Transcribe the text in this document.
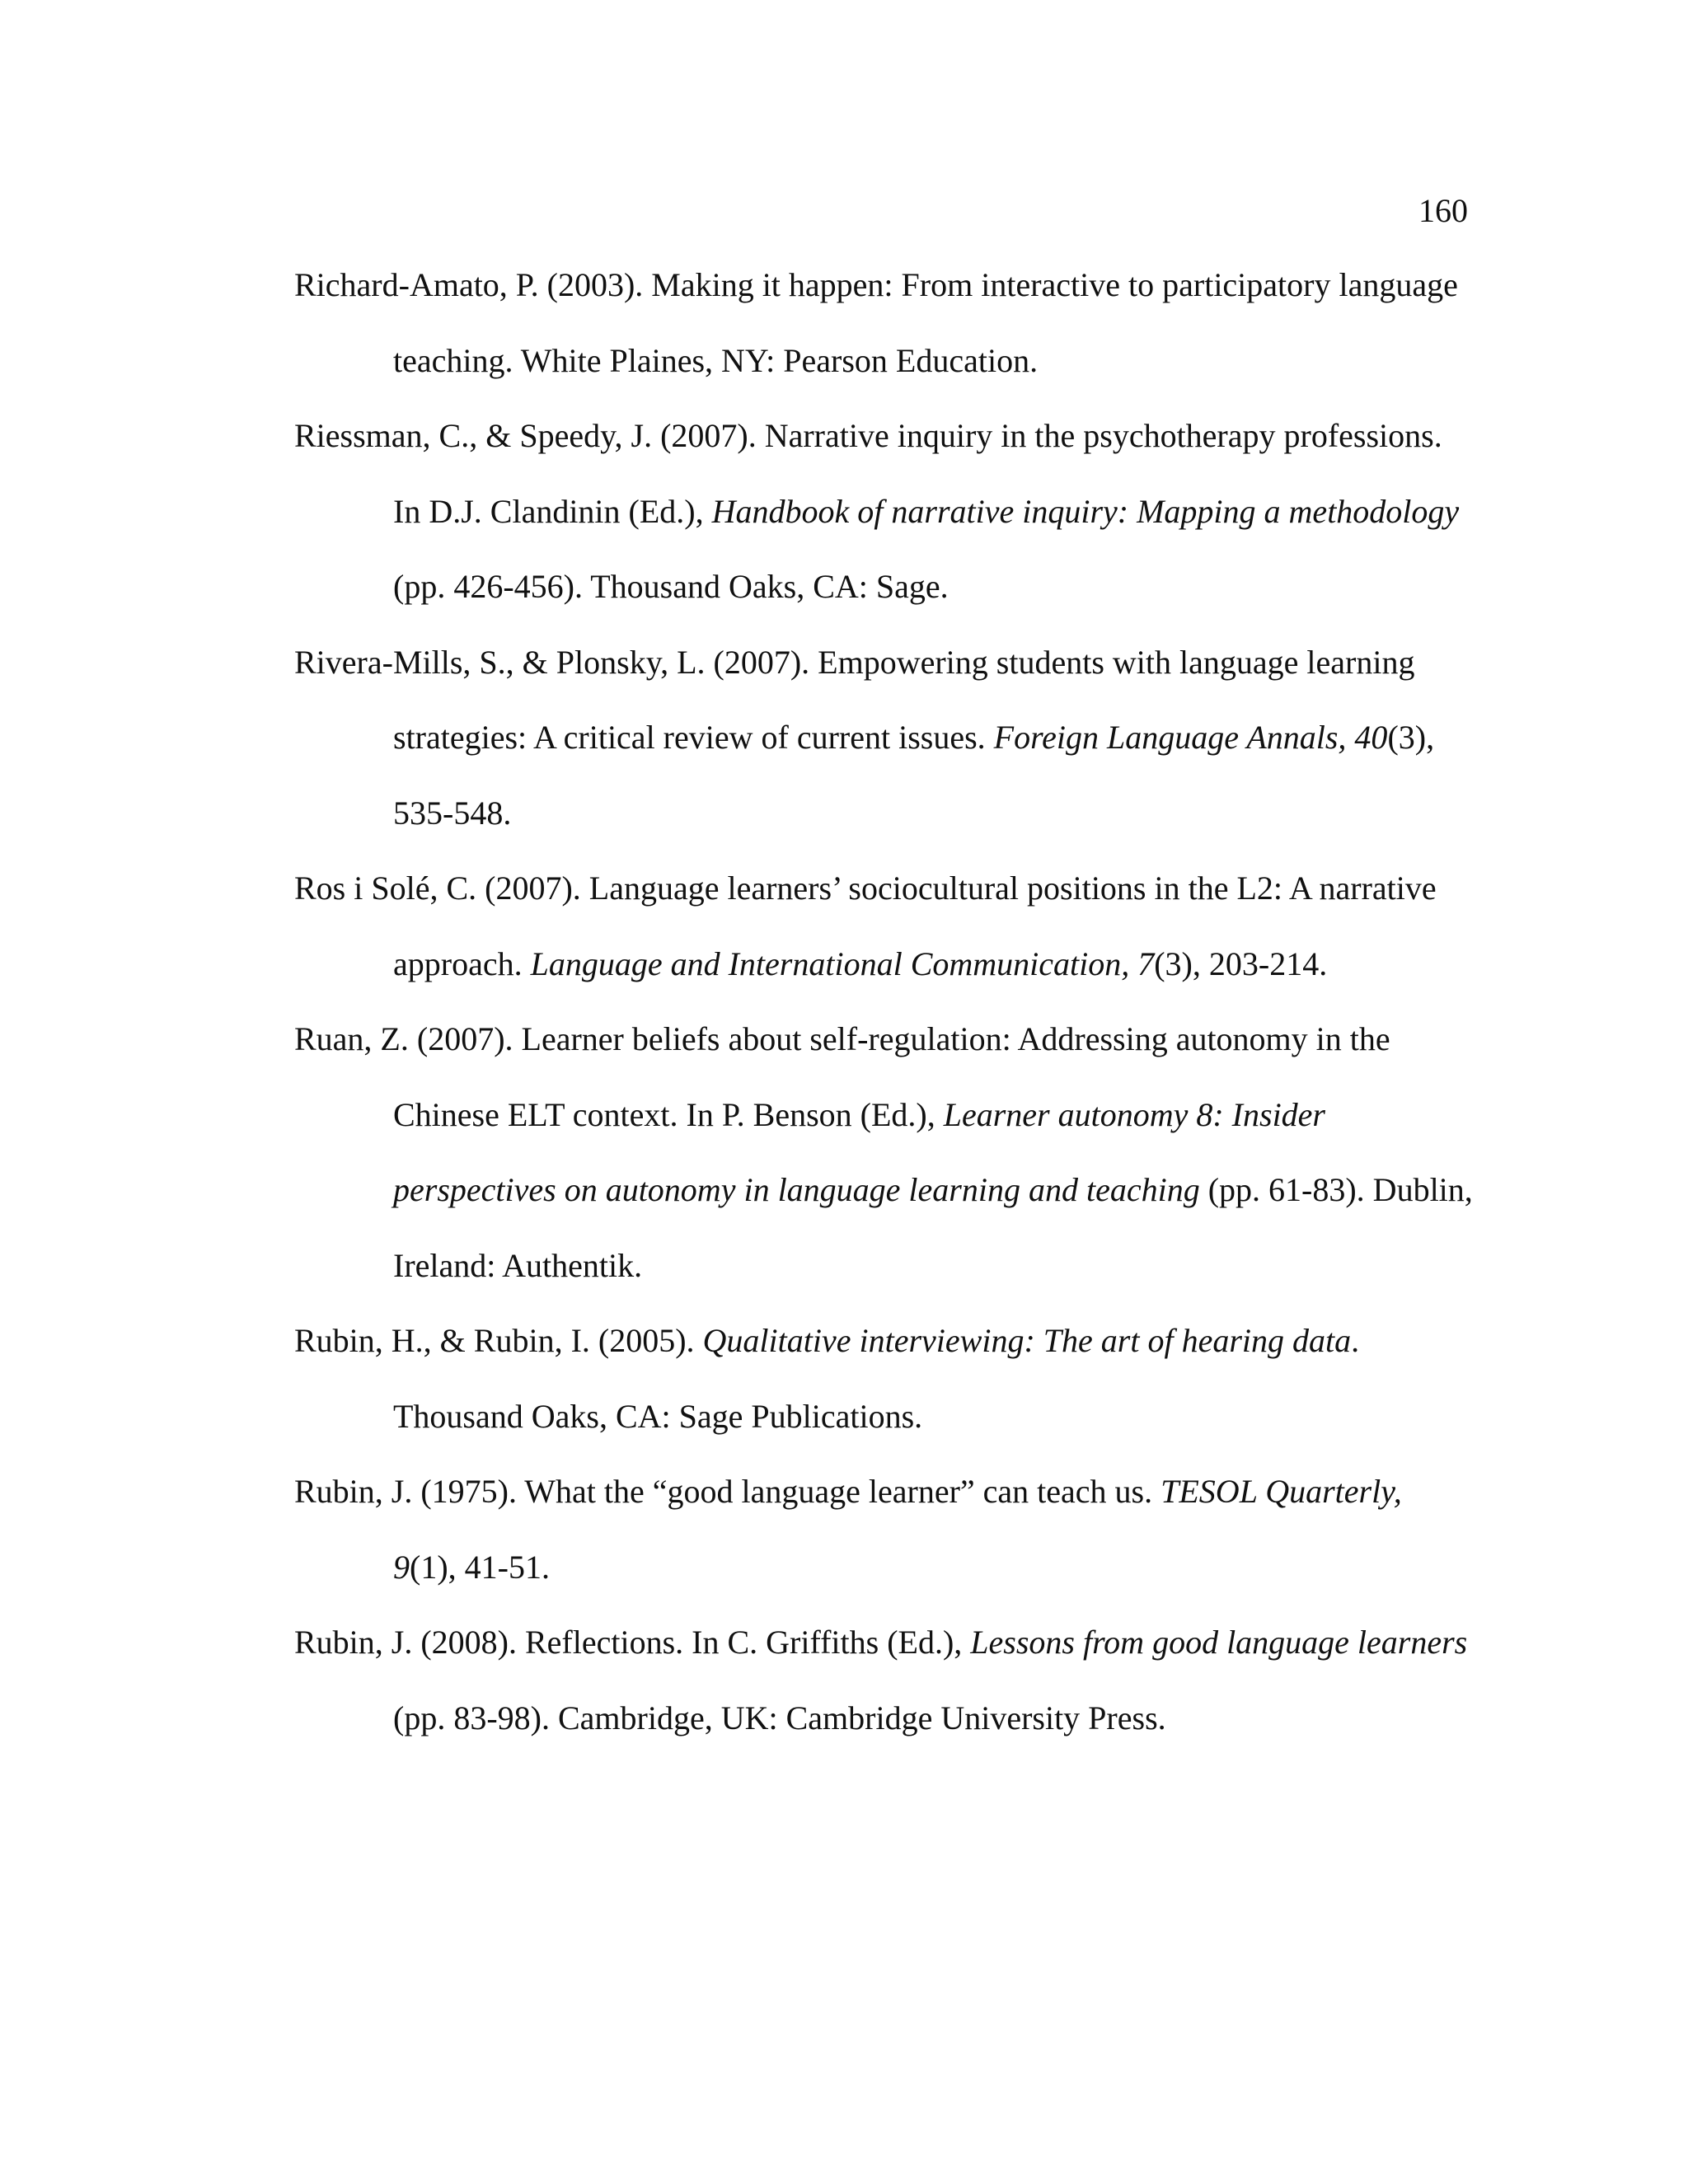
160

Richard-Amato, P. (2003). Making it happen: From interactive to participatory language teaching. White Plaines, NY: Pearson Education.

Riessman, C., & Speedy, J. (2007). Narrative inquiry in the psychotherapy professions. In D.J. Clandinin (Ed.), Handbook of narrative inquiry: Mapping a methodology (pp. 426-456). Thousand Oaks, CA: Sage.

Rivera-Mills, S., & Plonsky, L. (2007). Empowering students with language learning strategies: A critical review of current issues. Foreign Language Annals, 40(3), 535-548.

Ros i Solé, C. (2007). Language learners’ sociocultural positions in the L2: A narrative approach. Language and International Communication, 7(3), 203-214.

Ruan, Z. (2007). Learner beliefs about self-regulation: Addressing autonomy in the Chinese ELT context. In P. Benson (Ed.), Learner autonomy 8: Insider perspectives on autonomy in language learning and teaching (pp. 61-83). Dublin, Ireland: Authentik.

Rubin, H., & Rubin, I. (2005). Qualitative interviewing: The art of hearing data. Thousand Oaks, CA: Sage Publications.

Rubin, J. (1975). What the “good language learner” can teach us. TESOL Quarterly, 9(1), 41-51.

Rubin, J. (2008). Reflections. In C. Griffiths (Ed.), Lessons from good language learners (pp. 83-98). Cambridge, UK: Cambridge University Press.
